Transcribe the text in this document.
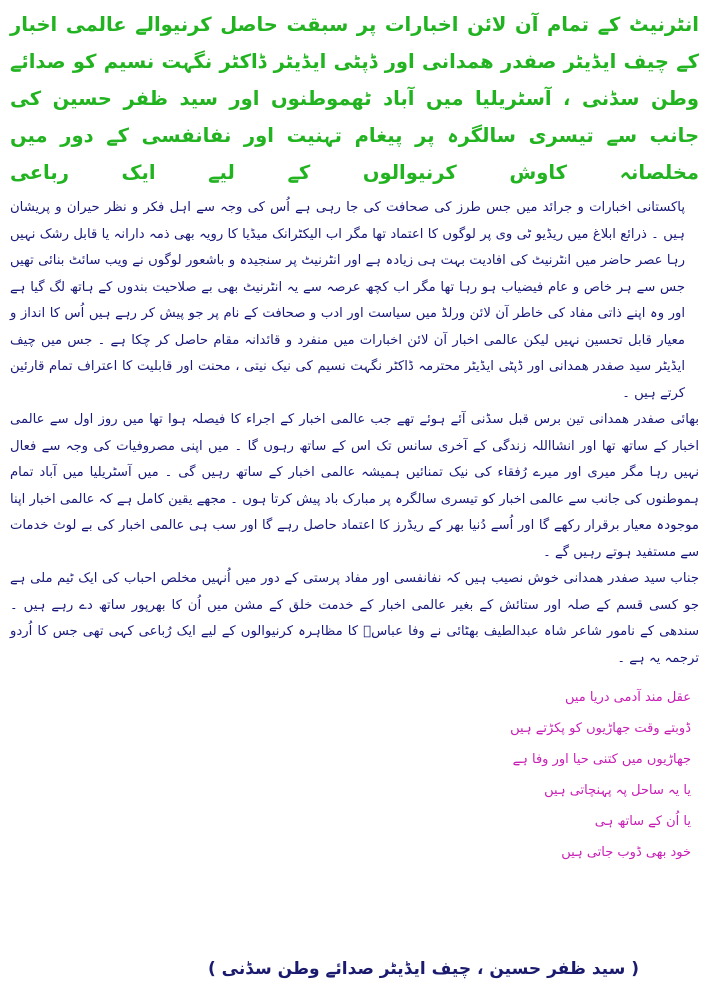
انٹرنیٹ کے تمام آن لائن اخبارات پر سبقت حاصل کرنیوالے عالمی اخبار کے چیف ایڈیٹر صفدر ھمدانی اور ڈپٹی ایڈیٹر ڈاکٹر نگہت نسیم کو صدائے وطن سڈنی ، آسٹریلیا میں آباد ٹھموطنوں اور سید ظفر حسین کی جانب سے تیسری سالگرہ پر پیغام تہنیت اور نفانفسی کے دور میں مخلصانہ کاوش کرنیوالوں کے لیے ایک رباعی

پاکستانی اخبارات و جرائد میں جس طرز کی صحافت کی جا رہی ہے اُس کی وجہ سے اہل فکر و نظر حیران و پریشان ہیں ۔ ذرائع ابلاغ میں ریڈیو ٹی وی پر لوگوں کا اعتماد تھا مگر اب الیکٹرانک میڈیا کا رویہ بھی ذمہ دارانہ یا قابل رشک نہیں رہا عصر حاضر میں انٹرنیٹ کی افادیت بہت ہی زیادہ ہے اور انٹرنیٹ پر سنجیدہ و باشعور لوگوں نے ویب سائٹ بنائی تھیں جس سے ہر خاص و عام فیضیاب ہو رہا تھا مگر اب کچھ عرصہ سے یہ انٹرنیٹ بھی بے صلاحیت بندوں کے ہاتھ لگ گیا ہے اور وہ اپنے ذاتی مفاد کی خاطر آن لائن ورلڈ میں سیاست اور ادب و صحافت کے نام پر جو پیش کر رہے ہیں اُس کا انداز و معیار قابل تحسین نہیں لیکن عالمی اخبار آن لائن اخبارات میں منفرد و قائدانہ مقام حاصل کر چکا ہے ۔ جس میں چیف ایڈیٹر سید صفدر ھمدانی اور ڈپٹی ایڈیٹر محترمہ ڈاکٹر نگہت نسیم کی نیک نیتی ، محنت اور قابلیت کا اعتراف تمام قارئین کرتے ہیں ۔

بھائی صفدر ھمدانی تین برس قبل سڈنی آئے ہوئے تھے جب عالمی اخبار کے اجراء کا فیصلہ ہوا تھا میں روز اول سے عالمی اخبار کے ساتھ تھا اور انشااللہ زندگی کے آخری سانس تک اس کے ساتھ رہوں گا ۔ میں اپنی مصروفیات کی وجہ سے فعال نہیں رہا مگر میری اور میرے رُفقاء کی نیک تمنائیں ہمیشہ عالمی اخبار کے ساتھ رہیں گی ۔ میں آسٹریلیا میں آباد تمام ہموطنوں کی جانب سے عالمی اخبار کو تیسری سالگرہ پر مبارک باد پیش کرتا ہوں ۔ مجھے یقین کامل ہے کہ عالمی اخبار اپنا موجودہ معیار برقرار رکھے گا اور اُسے دُنیا بھر کے ریڈرز کا اعتماد حاصل رہے گا اور سب ہی عالمی اخبار کی بے لوث خدمات سے مستفید ہوتے رہیں گے ۔

جناب سید صفدر ھمدانی خوش نصیب ہیں کہ نفانفسی اور مفاد پرستی کے دور میں اُنہیں مخلص احباب کی ایک ٹیم ملی ہے جو کسی قسم کے صلہ اور ستائش کے بغیر عالمی اخبار کے خدمت خلق کے مشن میں اُن کا بھرپور ساتھ دے رہے ہیں ۔ سندھی کے نامور شاعر شاہ عبدالطیف بھٹائی نے وفا عباسؑ کا مظاہرہ کرنیوالوں کے لیے ایک رُباعی کہی تھی جس کا اُردو ترجمہ یہ ہے ۔

عقل مند آدمی دریا میں
ڈوبتے وقت جھاڑیوں کو پکڑتے ہیں
جھاڑیوں میں کتنی حیا اور وفا ہے
یا یہ ساحل پہ پہنچاتی ہیں
یا اُن کے ساتھ ہی
خود بھی ڈوب جاتی ہیں
( سید ظفر حسین ، چیف ایڈیٹر صدائے وطن سڈنی )
